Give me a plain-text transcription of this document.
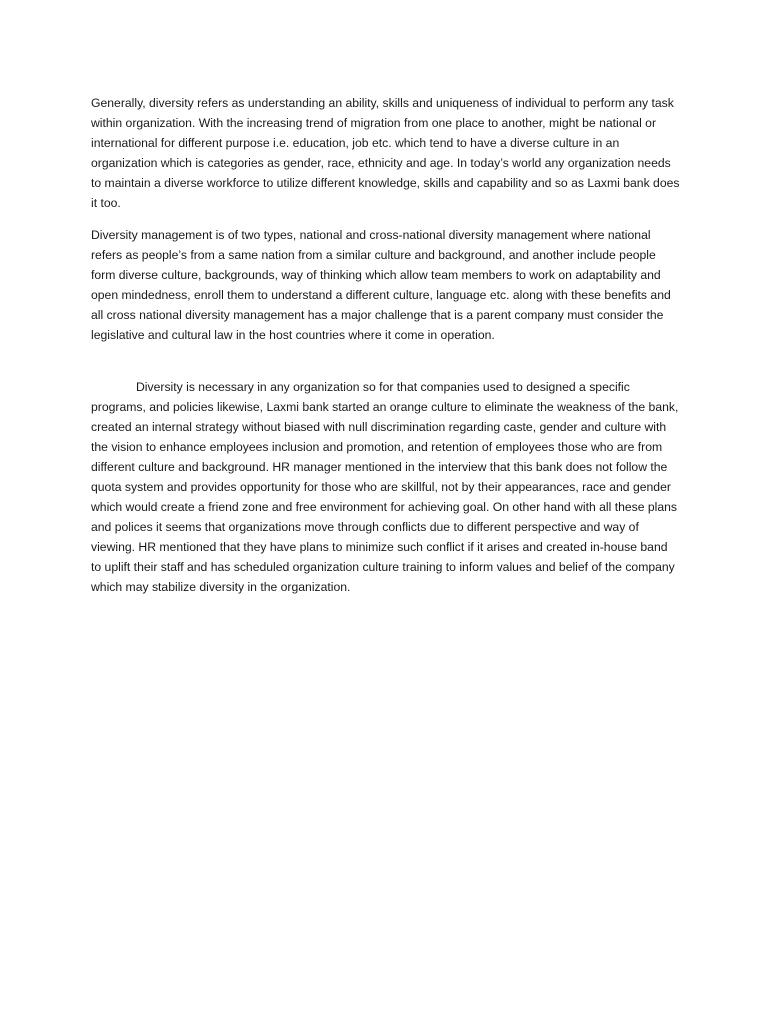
Generally, diversity refers as understanding an ability, skills and uniqueness of individual to perform any task within organization. With the increasing trend of migration from one place to another, might be national or international for different purpose i.e. education, job etc. which tend to have a diverse culture in an organization which is categories as gender, race, ethnicity and age. In today’s world any organization needs to maintain a diverse workforce to utilize different knowledge, skills and capability and so as Laxmi bank does it too.

Diversity management is of two types, national and cross-national diversity management where national refers as people’s from a same nation from a similar culture and background, and another include people form diverse culture, backgrounds, way of thinking which allow team members to work on adaptability and open mindedness, enroll them to understand a different culture, language etc. along with these benefits and all cross national diversity management has a major challenge that is a parent company must consider the legislative and cultural law in the host countries where it come in operation.

Diversity is necessary in any organization so for that companies used to designed a specific programs, and policies likewise, Laxmi bank started an orange culture to eliminate the weakness of the bank, created an internal strategy without biased with null discrimination regarding caste, gender and culture with the vision to enhance employees inclusion and promotion, and retention of employees those who are from different culture and background. HR manager mentioned in the interview that this bank does not follow the quota system and provides opportunity for those who are skillful, not by their appearances, race and gender which would create a friend zone and free environment for achieving goal. On other hand with all these plans and polices it seems that organizations move through conflicts due to different perspective and way of viewing. HR mentioned that they have plans to minimize such conflict if it arises and created in-house band to uplift their staff and has scheduled organization culture training to inform values and belief of the company which may stabilize diversity in the organization.
